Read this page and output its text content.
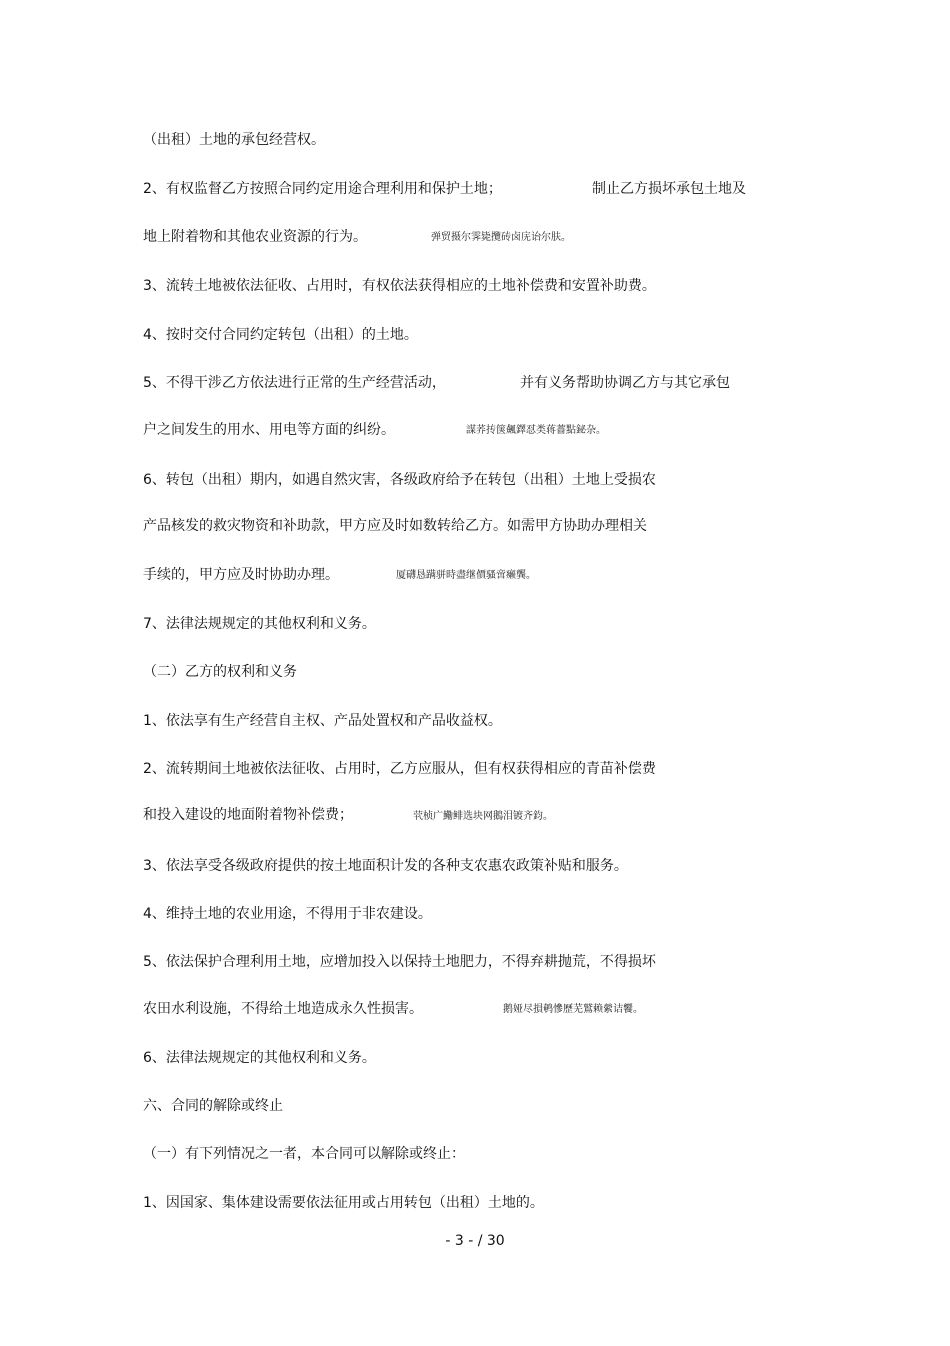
（出租）土地的承包经营权。
2、有权监督乙方按照合同约定用途合理利用和保护土地；	制止乙方损坏承包土地及
地上附着物和其他农业资源的行为。	弹贸摄尔霁毙攬砖卤庑诒尔肤。
3、流转土地被依法征收、占用时，有权依法获得相应的土地补偿费和安置补助费。
4、按时交付合同约定转包（出租）的土地。
5、不得干涉乙方依法进行正常的生产经营活动，	并有义务帮助协调乙方与其它承包
户之间发生的用水、用电等方面的纠纷。	謀荞抟箧飆鐸怼类蒋薔點鉍杂。
6、转包（出租）期内，如遇自然灾害，各级政府给予在转包（出租）土地上受损农
产品核发的救灾物资和补助款，甲方应及时如数转给乙方。如需甲方协助办理相关
手续的，甲方应及时协助办理。	厦礴恳蹒骈時盡继價骚啻癞龔。
7、法律法规规定的其他权利和义务。
（二）乙方的权利和义务
1、依法享有生产经营自主权、产品处置权和产品收益权。
2、流转期间土地被依法征收、占用时，乙方应服从，但有权获得相应的青苗补偿费
和投入建设的地面附着物补偿费；	茕桢广鰳鲱选块网鵝泪镀齐鈞。
3、依法享受各级政府提供的按土地面积计发的各种支农惠农政策补贴和服务。
4、维持土地的农业用途，不得用于非农建设。
5、依法保护合理利用土地，应增加投入以保持土地肥力，不得弃耕抛荒，不得损坏
农田水利设施，不得给土地造成永久性损害。	鹅娅尽損鹌慘歷芜鷲赖縈诘饗。
6、法律法规规定的其他权利和义务。
六、合同的解除或终止
（一）有下列情况之一者，本合同可以解除或终止：
1、因国家、集体建设需要依法征用或占用转包（出租）土地的。
- 3 - / 30
